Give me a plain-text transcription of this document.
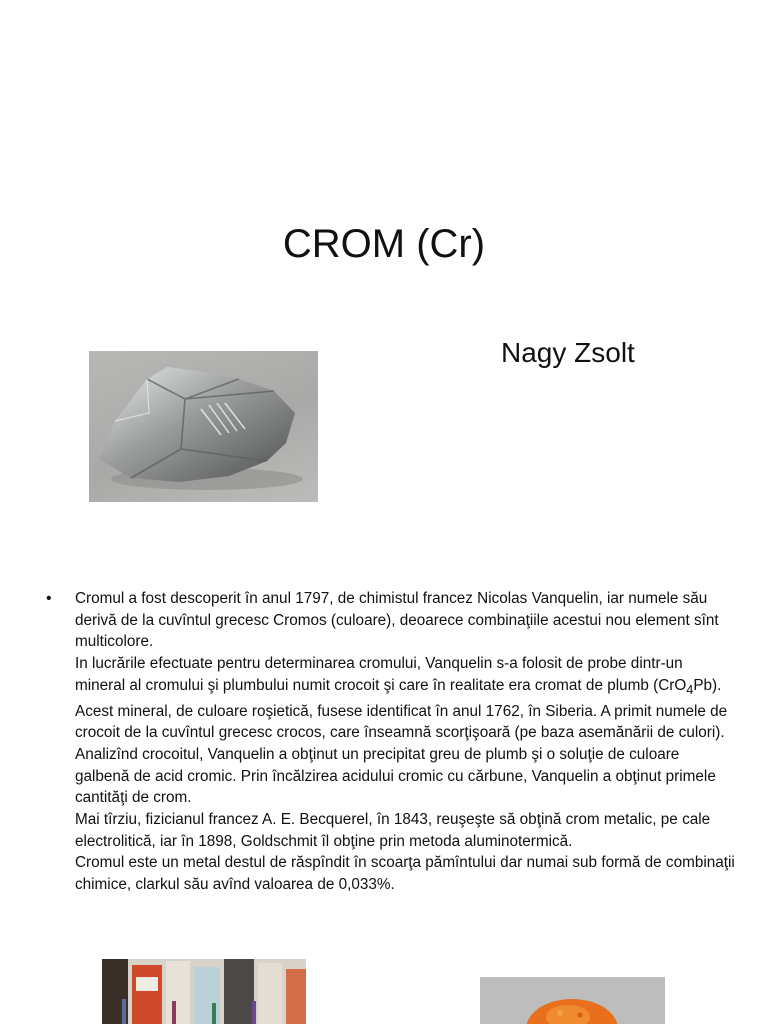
CROM (Cr)
Nagy Zsolt
• Cromul a fost descoperit în anul 1797, de chimistul francez Nicolas Vanquelin, iar numele său derivă de la cuvîntul grecesc Cromos (culoare), deoarece combinaţiile acestui nou element sînt multicolore.

In lucrările efectuate pentru determinarea cromului, Vanquelin s-a folosit de probe dintr-un mineral al cromului şi plumbului numit crocoit şi care în realitate era cromat de plumb (CrO$_4$Pb). Acest mineral, de culoare roşietică, fusese identificat în anul 1762, în Siberia. A primit numele de crocoit de la cuvîntul grecesc crocos, care înseamnă scorţişoară (pe baza asemănării de culori). Analizînd crocoitul, Vanquelin a obţinut un precipitat greu de plumb şi o soluţie de culoare galbenă de acid cromic. Prin încălzirea acidului cromic cu cărbune, Vanquelin a obţinut primele cantităţi de crom.

Mai tîrziu, fizicianul francez A. E. Becquerel, în 1843, reuşeşte să obţină crom metalic, pe cale electrolitică, iar în 1898, Goldschmit îl obţine prin metoda aluminotermică.

Cromul este un metal destul de răspîndit în scoarţa pămîntului dar numai sub formă de combinaţii chimice, clarkul său avînd valoarea de 0,033%.
